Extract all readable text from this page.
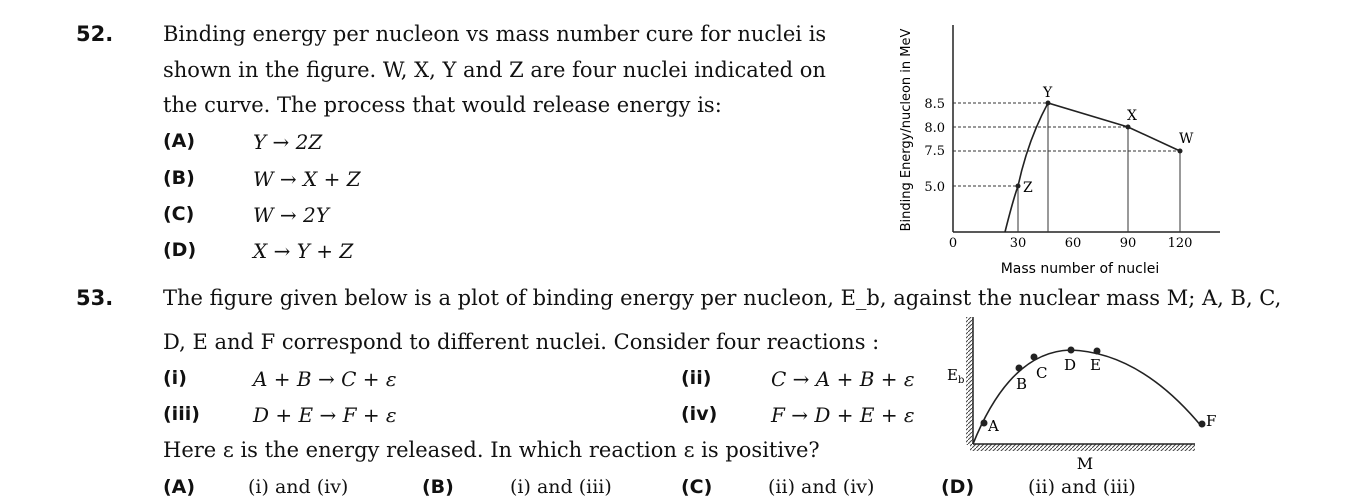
52. Binding energy per nucleon vs mass number cure for nuclei is
shown in the figure. W, X, Y and Z are four nuclei indicated on
the curve. The process that would release energy is:
(A)	Y → 2Z
(B)	W → X + Z
(C)	W → 2Y
(D)	X → Y + Z
Binding Energy/nucleon in MeV 8.5
8.0
7.5
5.0	Z
Y
X
W
0	30	60	90 120
Mass number of nuclei
53. The figure given below is a plot of binding energy per nucleon, E_b, against the nuclear mass M; A, B, C,
D, E and F correspond to different nuclei. Consider four reactions :
(i)	A + B → C + ε	(ii)	C → A + B + ε
(iii)	D + E → F + ε	(iv)	F → D + E + ε
Here ε is the energy released. In which reaction ε is positive?
(A)	(i) and (iv)	(B)	(i) and (iii)	(C)	(ii) and (iv)	(D)	(ii) and (iii)
$E_b$
M
A
B
C D E
F
